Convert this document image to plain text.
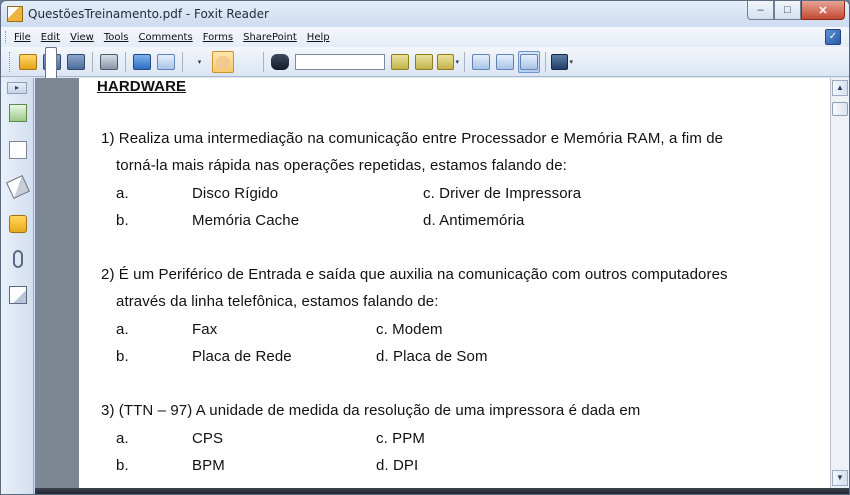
QuestõesTreinamento.pdf - Foxit Reader	–	□	✕
File Edit View Tools Comments Forms SharePoint Help	✓
▾	▾	▾
▸	HARDWARE
1) Realiza uma intermediação na comunicação entre Processador e Memória RAM, a fim de
torná-la mais rápida nas operações repetidas, estamos falando de:
a.	Disco Rígido	c. Driver de Impressora
b.	Memória Cache	d. Antimemória
2) É um Periférico de Entrada e saída que auxilia na comunicação com outros computadores
através da linha telefônica, estamos falando de:
a.	Fax	c. Modem
b.	Placa de Rede	d. Placa de Som
3) (TTN – 97) A unidade de medida da resolução de uma impressora é dada em
a.	CPS	c. PPM
b.	BPM	d. DPI
▲
▼
